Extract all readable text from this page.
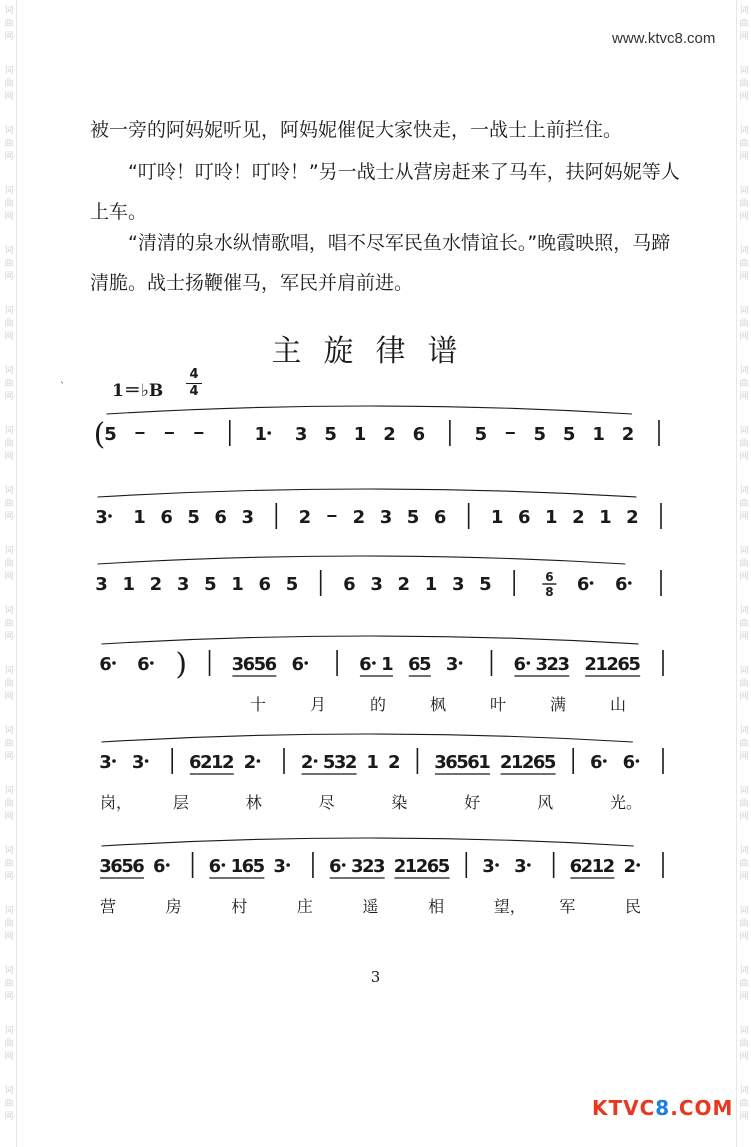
词
曲
网
词
曲
网
词
曲
网
词
曲
网
词
曲
网
词
曲
网
词
曲
网
词
曲
网
词
曲
网
词
曲
网
词
曲
网
词
曲
网
词
曲
网
词
曲
网
词
曲
网
词
曲
网
词
曲
网
词
曲
网
词
曲
网
词
曲
网
词
曲
网
词
曲
网
词
曲
网
词
曲
网
词
曲
网
词
曲
网
词
曲
网
词
曲
网
词
曲
网
词
曲
网
词
曲
网
词
曲
网
词
曲
网
词
曲
网
词
曲
网
词
曲
网
词
曲
网
词
曲
网
www.ktvc8.com

被一旁的阿妈妮听见，阿妈妮催促大家快走，一战士上前拦住。

“叮呤！叮呤！叮呤！”另一战士从营房赶来了马车，扶阿妈妮等人上车。

“清清的泉水纵情歌唱，唱不尽军民鱼水情谊长。”晚霞映照，马蹄清脆。战士扬鞭催马，军民并肩前进。

主旋律谱
ˋ	1＝♭B
4
4
(
5	1 3 5 1 2 6	5	5 5 1 2
3 1 6 5 6 3 2 2 3 5 6 1 6 1 2 1 2
3 1 2 3 5 1 6 5 6 3 2 1 3 5	6
8 6 6
6 6 ) 3
6
5
6 6	6 1 6
5 3	6 3
2
3 2
1
2
6
5
3 3 6
2
1
2 2 2 5
3
2 1 2 3
6
5
6
1 2
1
2
6
5 6 6
3
6
5
6 6 6 1
6
5 3 6 3
2
3 2
1
2
6
5 3 3 6
2
1
2 2
十	月	的	枫	叶	满	山
岗，	层	林	尽	染	好	风	光。
营	房	村	庄	遥	相	望， 军	民
3
KTVC8.COM
